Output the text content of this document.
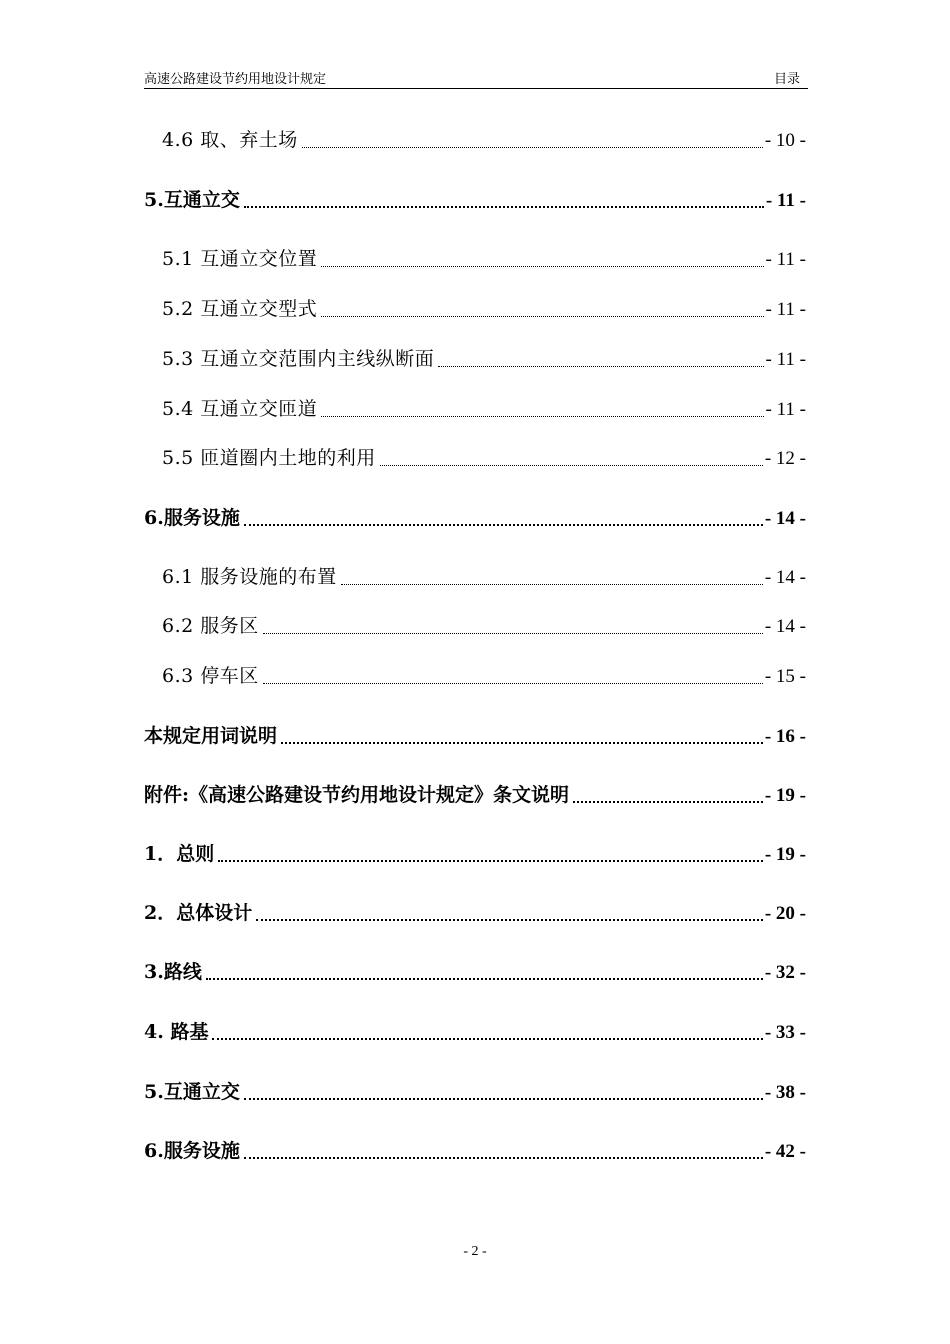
高速公路建设节约用地设计规定	目录
4.6 取、弃土场	- 10 -
5.互通立交	- 11 -
5.1 互通立交位置	- 11 -
5.2 互通立交型式	- 11 -
5.3 互通立交范围内主线纵断面	- 11 -
5.4 互通立交匝道	- 11 -
5.5 匝道圈内土地的利用	- 12 -
6.服务设施	- 14 -
6.1 服务设施的布置	- 14 -
6.2 服务区	- 14 -
6.3 停车区	- 15 -
本规定用词说明	- 16 -
附件:《高速公路建设节约用地设计规定》条文说明	- 19 -
1．总则	- 19 -
2．总体设计	- 20 -
3.路线	- 32 -
4. 路基	- 33 -
5.互通立交	- 38 -
6.服务设施	- 42 -
- 2 -
